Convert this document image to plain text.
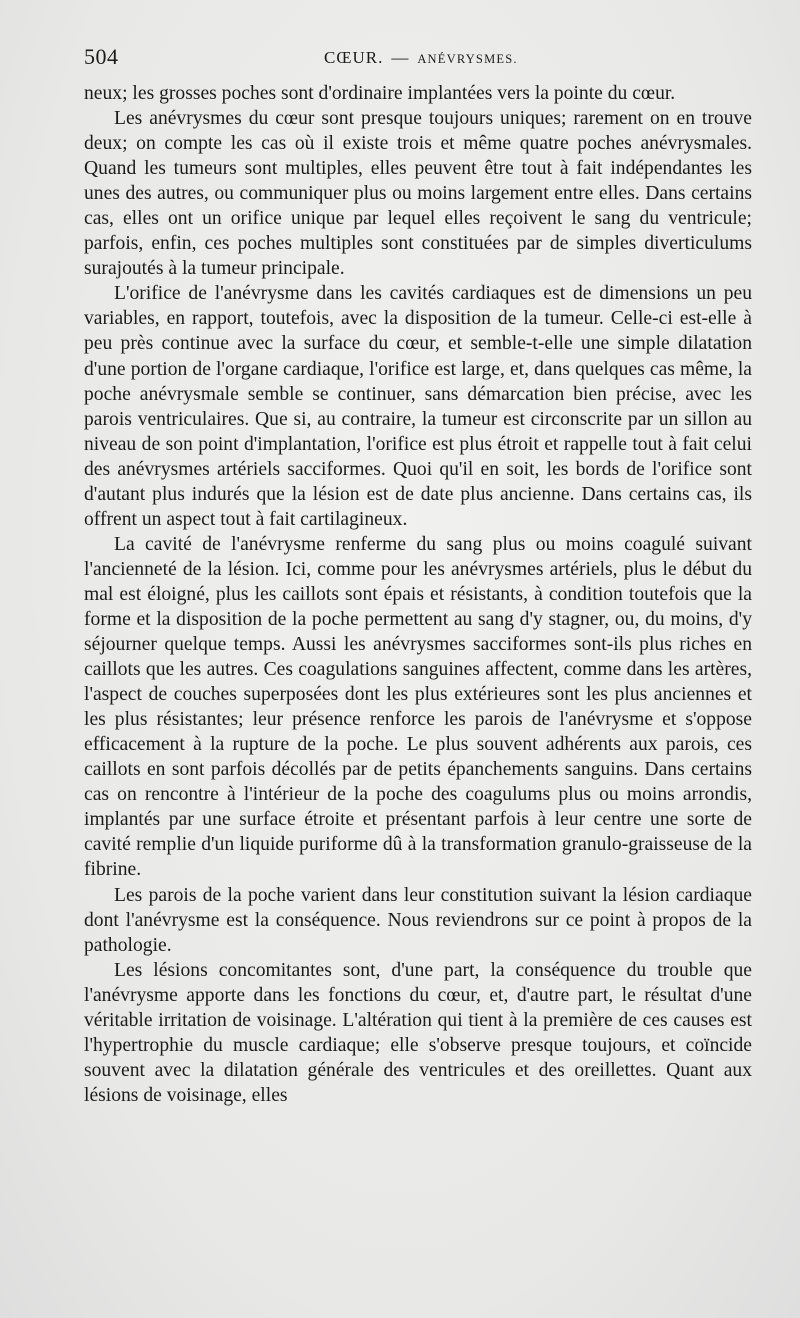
504	CŒUR. — ANÉVRYSMES.

neux; les grosses poches sont d'ordinaire implantées vers la pointe du cœur.

Les anévrysmes du cœur sont presque toujours uniques; rarement on en trouve deux; on compte les cas où il existe trois et même quatre poches anévrysmales. Quand les tumeurs sont multiples, elles peuvent être tout à fait indépendantes les unes des autres, ou communiquer plus ou moins largement entre elles. Dans certains cas, elles ont un orifice unique par lequel elles reçoivent le sang du ventricule; parfois, enfin, ces poches multiples sont constituées par de simples diverticulums surajoutés à la tumeur principale.

L'orifice de l'anévrysme dans les cavités cardiaques est de dimensions un peu variables, en rapport, toutefois, avec la disposition de la tumeur. Celle-ci est-elle à peu près continue avec la surface du cœur, et semble-t-elle une simple dilatation d'une portion de l'organe cardiaque, l'orifice est large, et, dans quelques cas même, la poche anévrysmale semble se continuer, sans démarcation bien précise, avec les parois ventriculaires. Que si, au contraire, la tumeur est circonscrite par un sillon au niveau de son point d'implantation, l'orifice est plus étroit et rappelle tout à fait celui des anévrysmes artériels sacciformes. Quoi qu'il en soit, les bords de l'orifice sont d'autant plus indurés que la lésion est de date plus ancienne. Dans certains cas, ils offrent un aspect tout à fait cartilagineux.

La cavité de l'anévrysme renferme du sang plus ou moins coagulé suivant l'ancienneté de la lésion. Ici, comme pour les anévrysmes artériels, plus le début du mal est éloigné, plus les caillots sont épais et résistants, à condition toutefois que la forme et la disposition de la poche permettent au sang d'y stagner, ou, du moins, d'y séjourner quelque temps. Aussi les anévrysmes sacciformes sont-ils plus riches en caillots que les autres. Ces coagulations sanguines affectent, comme dans les artères, l'aspect de couches superposées dont les plus extérieures sont les plus anciennes et les plus résistantes; leur présence renforce les parois de l'anévrysme et s'oppose efficacement à la rupture de la poche. Le plus souvent adhérents aux parois, ces caillots en sont parfois décollés par de petits épanchements sanguins. Dans certains cas on rencontre à l'intérieur de la poche des coagulums plus ou moins arrondis, implantés par une surface étroite et présentant parfois à leur centre une sorte de cavité remplie d'un liquide puriforme dû à la transformation granulo-graisseuse de la fibrine.

Les parois de la poche varient dans leur constitution suivant la lésion cardiaque dont l'anévrysme est la conséquence. Nous reviendrons sur ce point à propos de la pathologie.

Les lésions concomitantes sont, d'une part, la conséquence du trouble que l'anévrysme apporte dans les fonctions du cœur, et, d'autre part, le résultat d'une véritable irritation de voisinage. L'altération qui tient à la première de ces causes est l'hypertrophie du muscle cardiaque; elle s'observe presque toujours, et coïncide souvent avec la dilatation générale des ventricules et des oreillettes. Quant aux lésions de voisinage, elles
